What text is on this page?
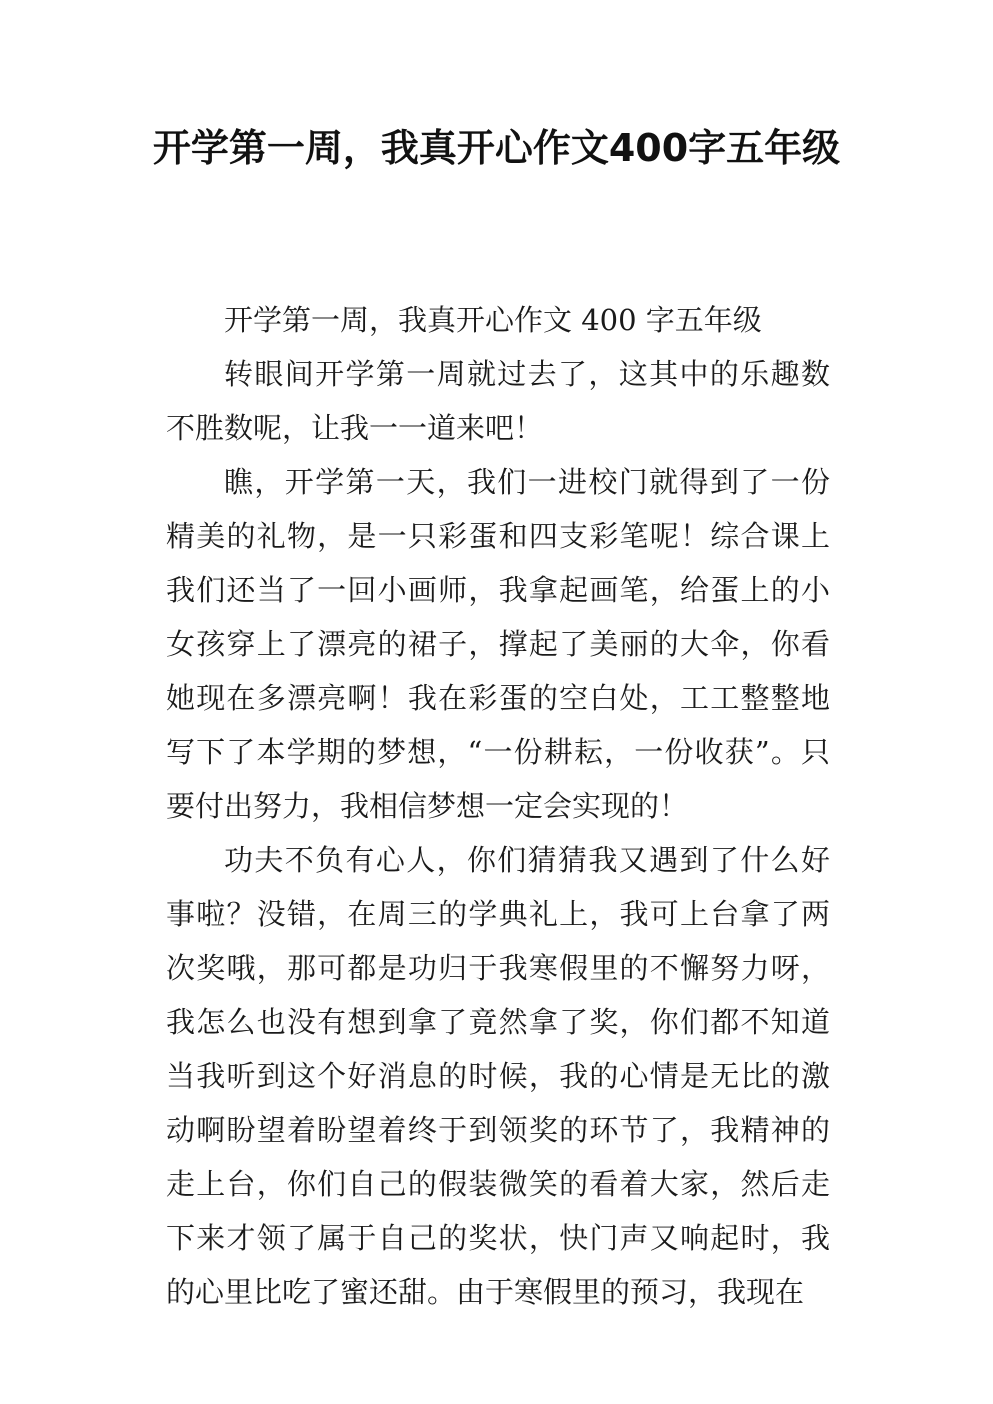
开学第一周，我真开心作文400字五年级

开学第一周，我真开心作文 400 字五年级

转眼间开学第一周就过去了，这其中的乐趣数不胜数呢，让我一一道来吧！

瞧，开学第一天，我们一进校门就得到了一份精美的礼物，是一只彩蛋和四支彩笔呢！综合课上我们还当了一回小画师，我拿起画笔，给蛋上的小女孩穿上了漂亮的裙子，撑起了美丽的大伞，你看她现在多漂亮啊！我在彩蛋的空白处，工工整整地写下了本学期的梦想，“一份耕耘，一份收获”。只要付出努力，我相信梦想一定会实现的！

功夫不负有心人，你们猜猜我又遇到了什么好事啦？没错，在周三的学典礼上，我可上台拿了两次奖哦，那可都是功归于我寒假里的不懈努力呀，我怎么也没有想到拿了竟然拿了奖，你们都不知道当我听到这个好消息的时候，我的心情是无比的激动啊盼望着盼望着终于到领奖的环节了，我精神的走上台，你们自己的假装微笑的看着大家，然后走下来才领了属于自己的奖状，快门声又响起时，我的心里比吃了蜜还甜。由于寒假里的预习，我现在
